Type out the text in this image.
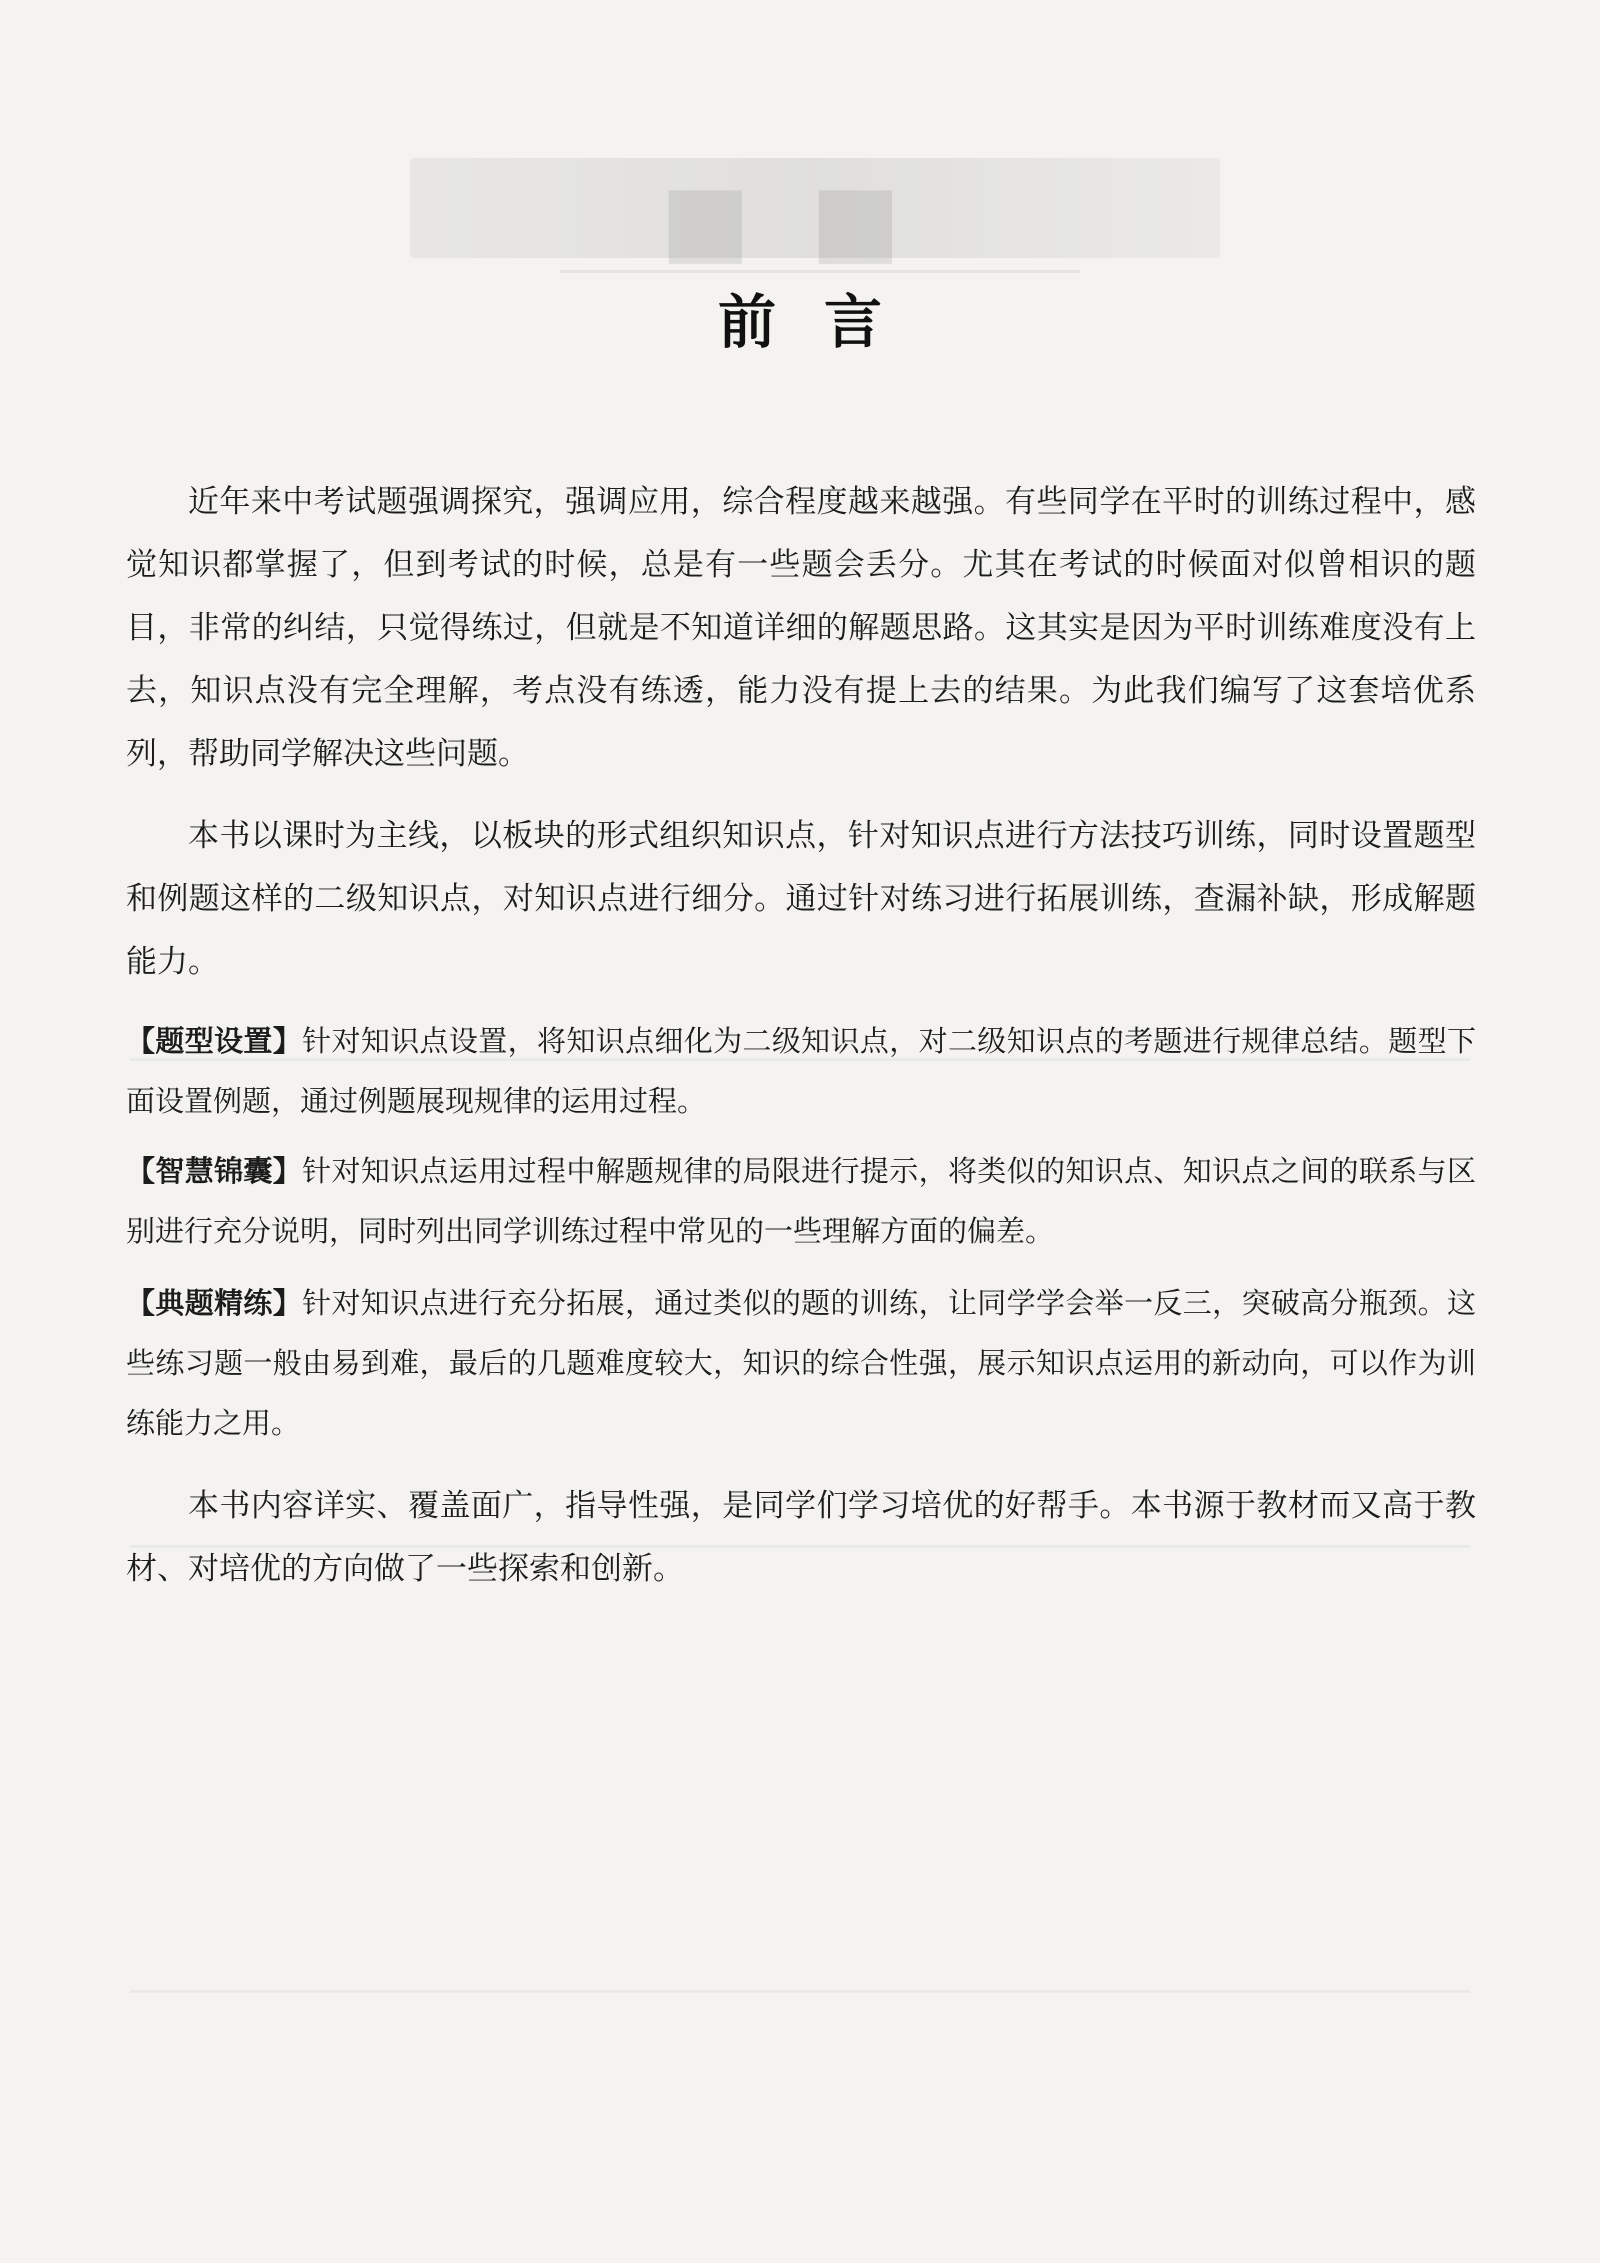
■ ■
前言

近年来中考试题强调探究，强调应用，综合程度越来越强。有些同学在平时的训练过程中，感觉知识都掌握了，但到考试的时候，总是有一些题会丢分。尤其在考试的时候面对似曾相识的题目，非常的纠结，只觉得练过，但就是不知道详细的解题思路。这其实是因为平时训练难度没有上去，知识点没有完全理解，考点没有练透，能力没有提上去的结果。为此我们编写了这套培优系列，帮助同学解决这些问题。

本书以课时为主线，以板块的形式组织知识点，针对知识点进行方法技巧训练，同时设置题型和例题这样的二级知识点，对知识点进行细分。通过针对练习进行拓展训练，查漏补缺，形成解题能力。

【题型设置】针对知识点设置，将知识点细化为二级知识点，对二级知识点的考题进行规律总结。题型下面设置例题，通过例题展现规律的运用过程。

【智慧锦囊】针对知识点运用过程中解题规律的局限进行提示，将类似的知识点、知识点之间的联系与区别进行充分说明，同时列出同学训练过程中常见的一些理解方面的偏差。

【典题精练】针对知识点进行充分拓展，通过类似的题的训练，让同学学会举一反三，突破高分瓶颈。这些练习题一般由易到难，最后的几题难度较大，知识的综合性强，展示知识点运用的新动向，可以作为训练能力之用。

本书内容详实、覆盖面广，指导性强，是同学们学习培优的好帮手。本书源于教材而又高于教材、对培优的方向做了一些探索和创新。
